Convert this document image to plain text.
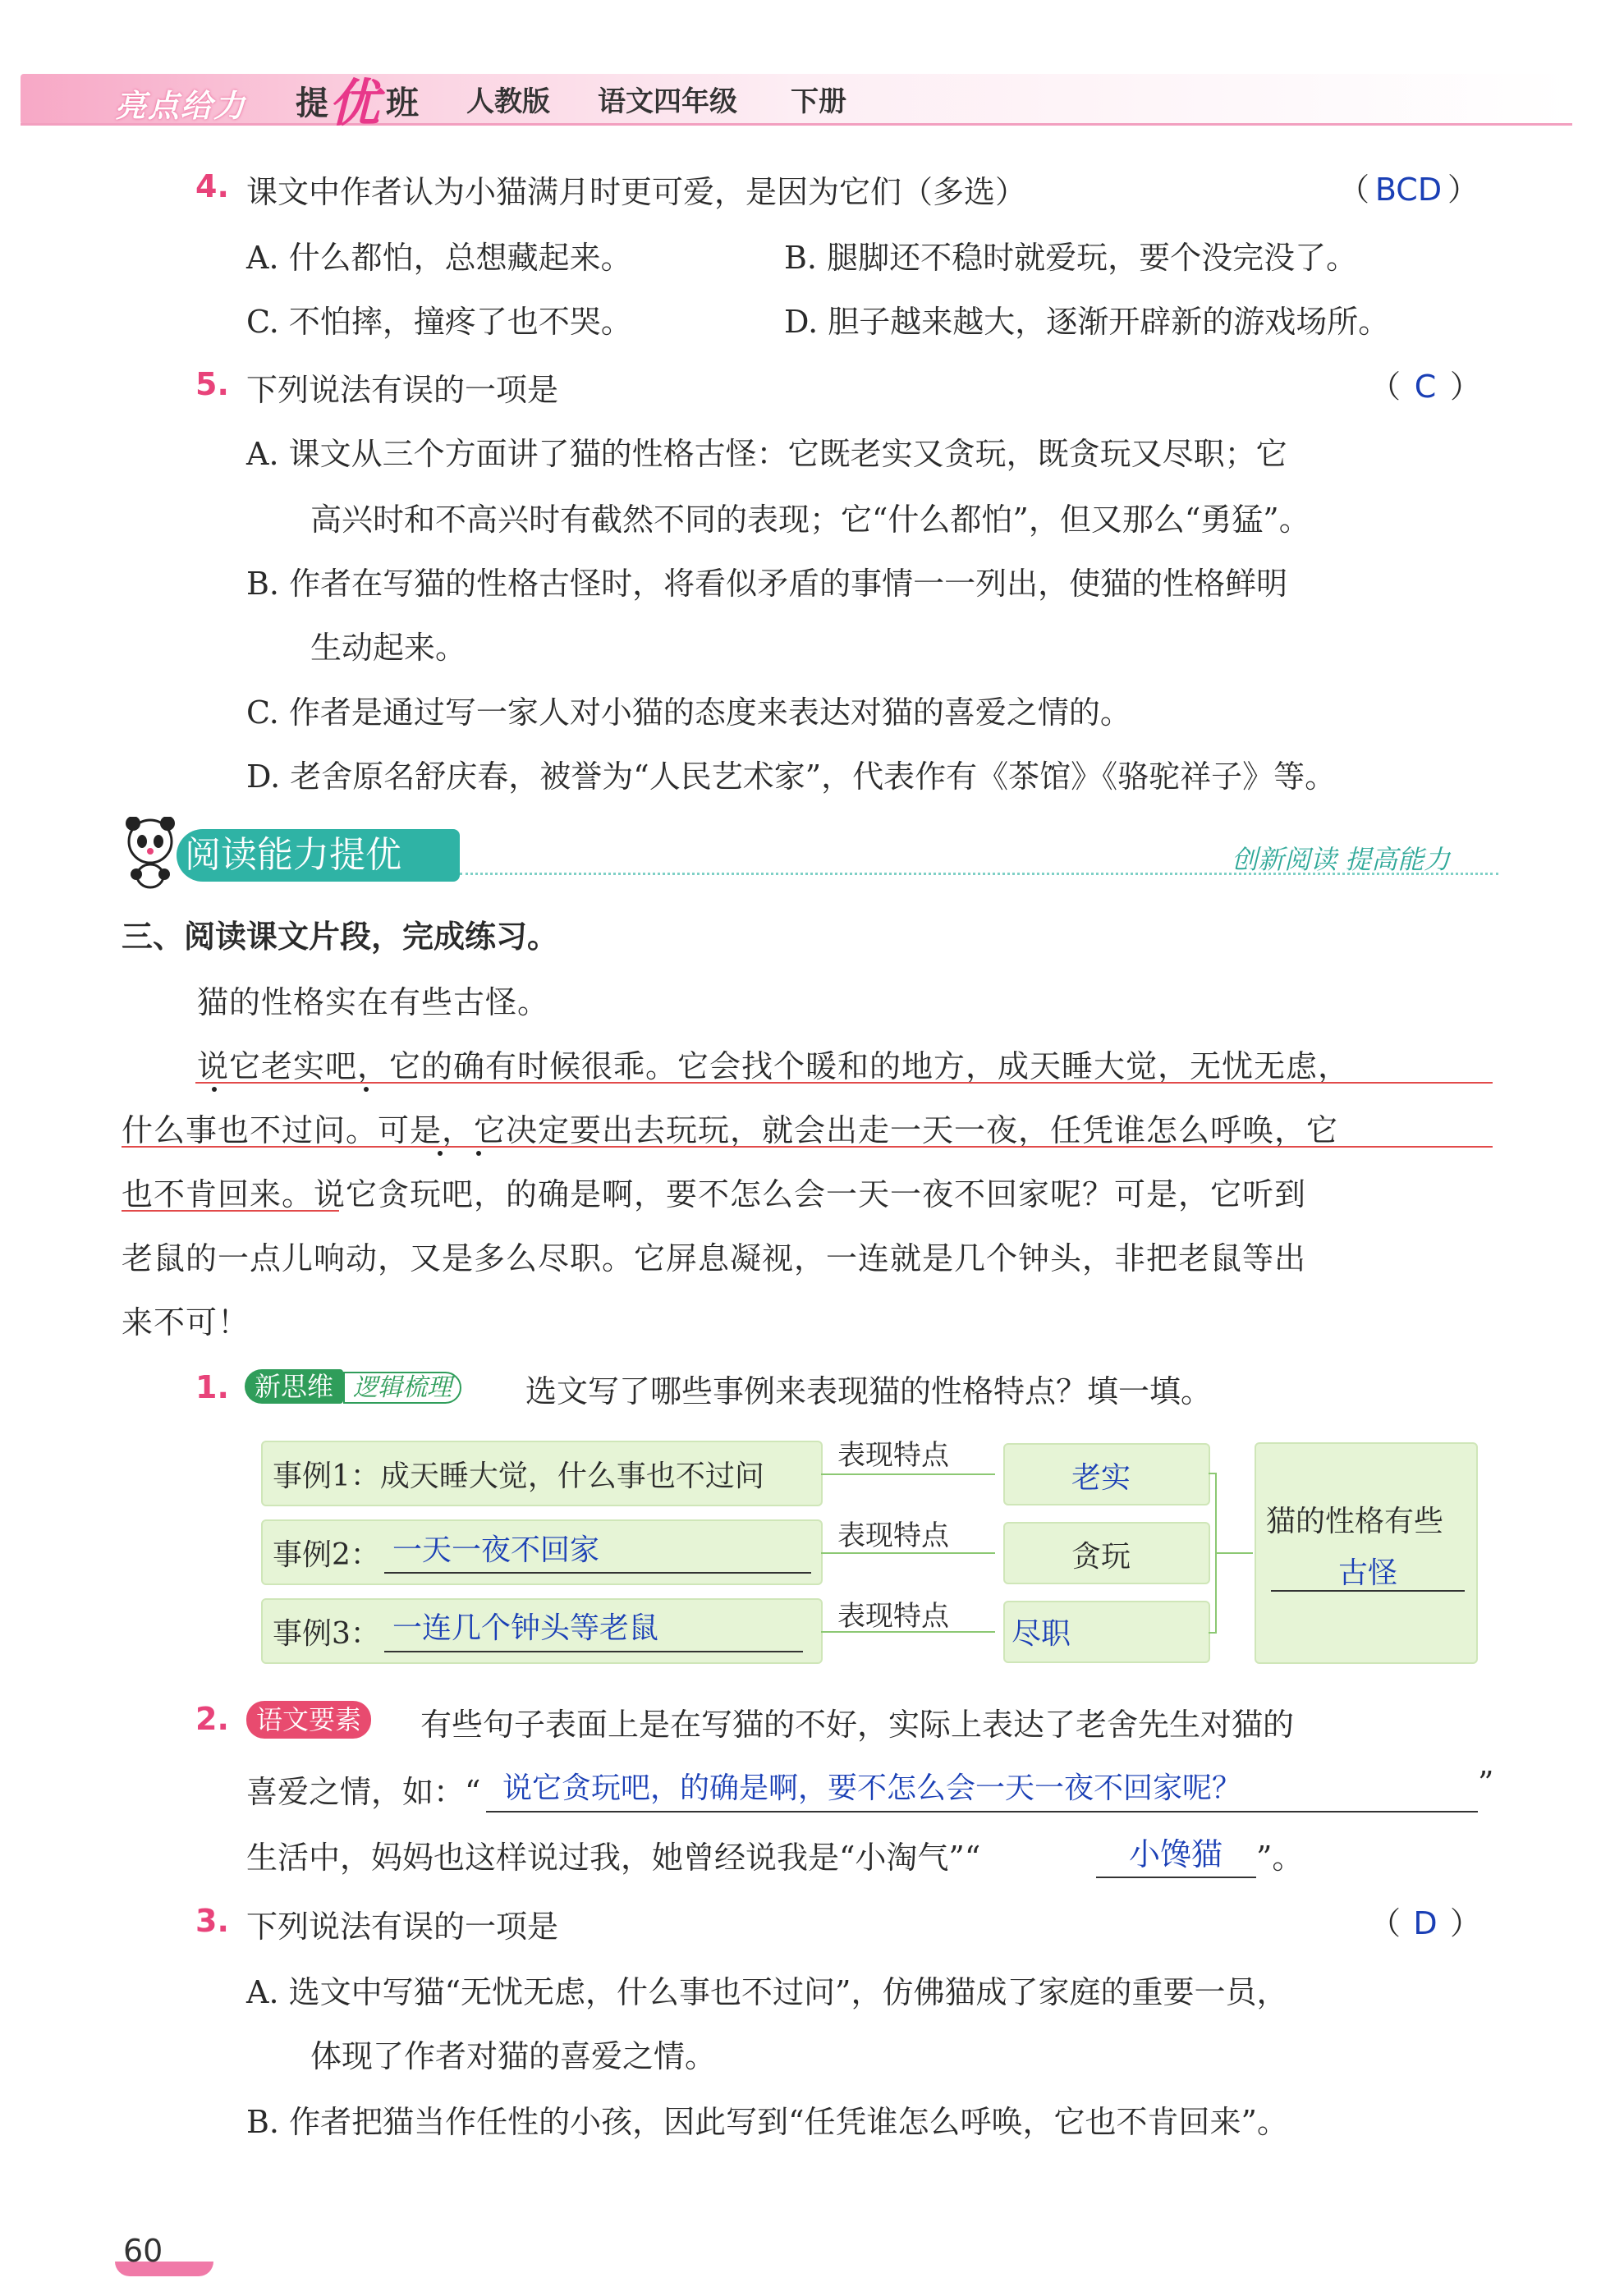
亮点给力 提 优 班 人教版 语文四年级 下册
4. 课文中作者认为小猫满月时更可爱，是因为它们（多选）	（ BCD ）
A. 什么都怕，总想藏起来。	B. 腿脚还不稳时就爱玩，要个没完没了。
C. 不怕摔，撞疼了也不哭。	D. 胆子越来越大，逐渐开辟新的游戏场所。
5. 下列说法有误的一项是	（ C ）
A. 课文从三个方面讲了猫的性格古怪：它既老实又贪玩，既贪玩又尽职；它
高兴时和不高兴时有截然不同的表现；它“什么都怕”，但又那么“勇猛”。
B. 作者在写猫的性格古怪时，将看似矛盾的事情一一列出，使猫的性格鲜明
生动起来。
C. 作者是通过写一家人对小猫的态度来表达对猫的喜爱之情的。
D. 老舍原名舒庆春，被誉为“人民艺术家”，代表作有《茶馆》《骆驼祥子》等。
阅读能力提优	创新阅读 提高能力
三、阅读课文片段，完成练习。
猫的性格实在有些古怪。
说它老实吧，它的确有时候很乖。它会找个暖和的地方，成天睡大觉，无忧无虑，
什么事也不过问。可是，它决定要出去玩玩，就会出走一天一夜，任凭谁怎么呼唤，它
也不肯回来。说它贪玩吧，的确是啊，要不怎么会一天一夜不回家呢？可是，它听到
老鼠的一点儿响动，又是多么尽职。它屏息凝视，一连就是几个钟头，非把老鼠等出
来不可！
1. 新思维 逻辑梳理	选文写了哪些事例来表现猫的性格特点？填一填。
事例1：成天睡大觉，什么事也不过问
事例2： 一天一夜不回家
事例3： 一连几个钟头等老鼠
表现特点
表现特点
表现特点
老实
贪玩
尽职
猫的性格有些
古怪
2.	语文要素	有些句子表面上是在写猫的不好，实际上表达了老舍先生对猫的
喜爱之情，如：“ 说它贪玩吧，的确是啊，要不怎么会一天一夜不回家呢？	”
生活中，妈妈也这样说过我，她曾经说我是“小淘气”“	小馋猫 ”。
3. 下列说法有误的一项是	（ D ）
A. 选文中写猫“无忧无虑，什么事也不过问”，仿佛猫成了家庭的重要一员，
体现了作者对猫的喜爱之情。
B. 作者把猫当作任性的小孩，因此写到“任凭谁怎么呼唤，它也不肯回来”。
60
